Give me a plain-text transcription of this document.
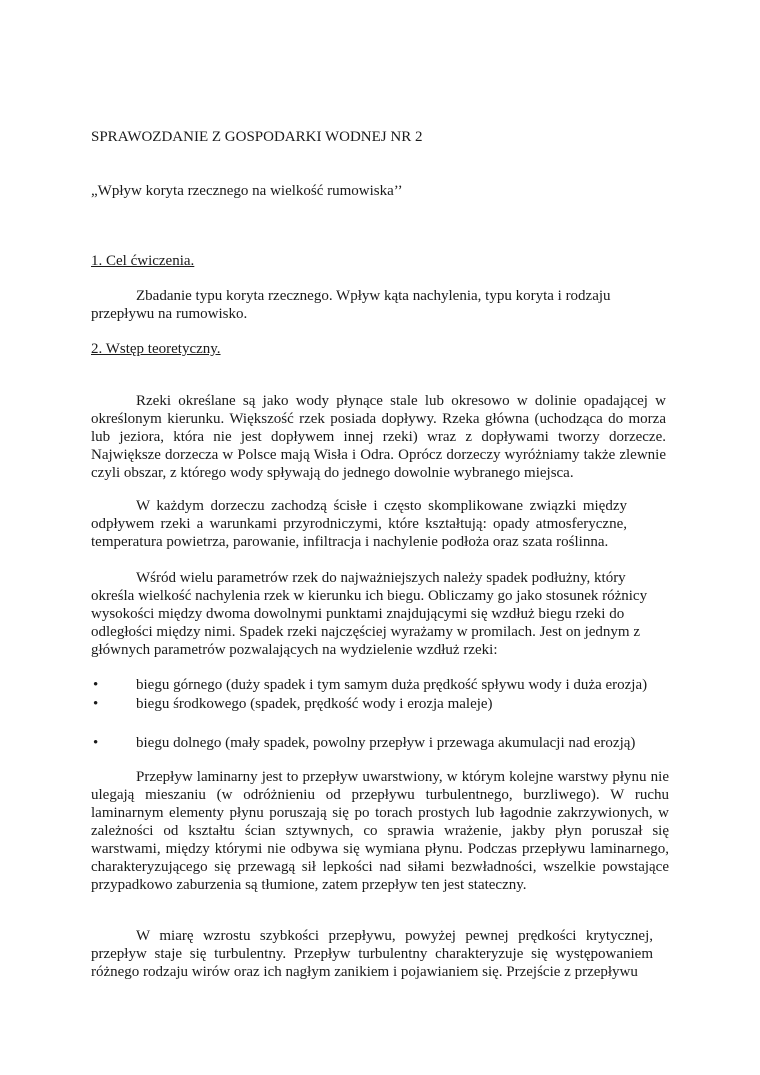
SPRAWOZDANIE Z GOSPODARKI WODNEJ NR 2

„Wpływ koryta rzecznego na wielkość rumowiska’’

1. Cel ćwiczenia.

Zbadanie typu koryta rzecznego. Wpływ kąta nachylenia, typu koryta i rodzaju przepływu na rumowisko.

2. Wstęp teoretyczny.

Rzeki określane są jako wody płynące stale lub okresowo w dolinie opadającej w określonym kierunku. Większość rzek posiada dopływy. Rzeka główna (uchodząca do morza lub jeziora, która nie jest dopływem innej rzeki) wraz z dopływami tworzy dorzecze. Największe dorzecza w Polsce mają Wisła i Odra. Oprócz dorzeczy wyróżniamy także zlewnie czyli obszar, z którego wody spływają do jednego dowolnie wybranego miejsca.

W każdym dorzeczu zachodzą ścisłe i często skomplikowane związki między odpływem rzeki a warunkami przyrodniczymi, które kształtują: opady atmosferyczne, temperatura powietrza, parowanie, infiltracja i nachylenie podłoża oraz szata roślinna.

Wśród wielu parametrów rzek do najważniejszych należy spadek podłużny, który określa wielkość nachylenia rzek w kierunku ich biegu. Obliczamy go jako stosunek różnicy wysokości między dwoma dowolnymi punktami znajdującymi się wzdłuż biegu rzeki do odległości między nimi. Spadek rzeki najczęściej wyrażamy w promilach. Jest on jednym z głównych parametrów pozwalających na wydzielenie wzdłuż rzeki:

•	biegu górnego (duży spadek i tym samym duża prędkość spływu wody i duża erozja)
•	biegu środkowego (spadek, prędkość wody i erozja maleje)
•	biegu dolnego (mały spadek, powolny przepływ i przewaga akumulacji nad erozją)

Przepływ laminarny jest to przepływ uwarstwiony, w którym kolejne warstwy płynu nie ulegają mieszaniu (w odróżnieniu od przepływu turbulentnego, burzliwego). W ruchu laminarnym elementy płynu poruszają się po torach prostych lub łagodnie zakrzywionych, w zależności od kształtu ścian sztywnych, co sprawia wrażenie, jakby płyn poruszał się warstwami, między którymi nie odbywa się wymiana płynu. Podczas przepływu laminarnego, charakteryzującego się przewagą sił lepkości nad siłami bezwładności, wszelkie powstające przypadkowo zaburzenia są tłumione, zatem przepływ ten jest stateczny.

W miarę wzrostu szybkości przepływu, powyżej pewnej prędkości krytycznej, przepływ staje się turbulentny. Przepływ turbulentny charakteryzuje się występowaniem różnego rodzaju wirów oraz ich nagłym zanikiem i pojawianiem się. Przejście z przepływu
